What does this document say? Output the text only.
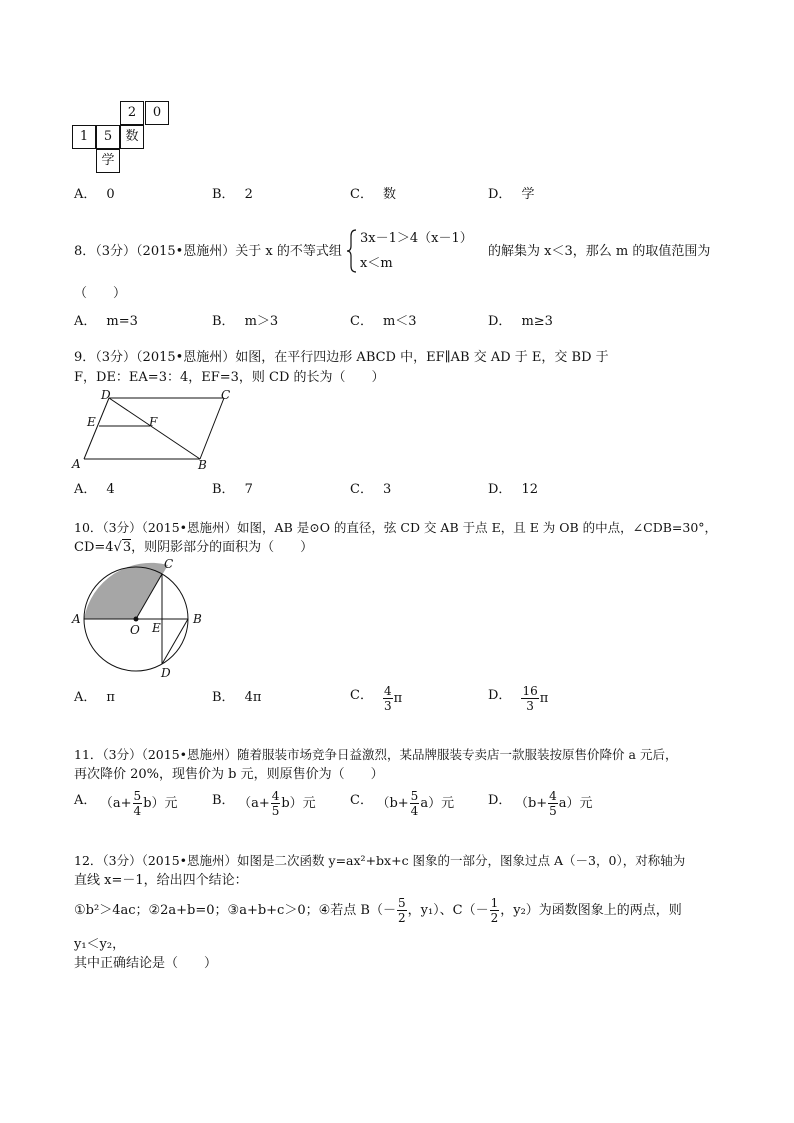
2	0
1	5	数
学
A． 0	B． 2	C． 数	D． 学
8．（3分）（2015•恩施州）关于 x 的不等式组
3x－1＞4（x－1）
x＜m
的解集为 x＜3，那么 m 的取值范围为
（　　）
A． m=3	B． m＞3	C． m＜3	D． m≥3
9．（3分）（2015•恩施州）如图，在平行四边形 ABCD 中，EF∥AB 交 AD 于 E，交 BD 于
F，DE：EA=3：4，EF=3，则 CD 的长为（　　）
D	C
E	F
A	B
A． 4	B． 7	C． 3	D． 12
10．（3分）（2015•恩施州）如图，AB 是⊙O 的直径，弦 CD 交 AB 于点 E，且 E 为 OB 的中点，∠CDB=30°，
CD=4√3，则阴影部分的面积为（　　）
A
O E
B
C
D
A． π	B． 4π	C． $\frac{4}{3}$ π	D． $\frac{16}{3}$ π
11．（3分）（2015•恩施州）随着服装市场竞争日益激烈，某品牌服装专卖店一款服装按原售价降价 a 元后，
再次降价 20%，现售价为 b 元，则原售价为（　　）
A． $(a+ \frac{5}{4} b)$元	B． $(a+ \frac{4}{5} b)$元	C． $(b+ \frac{5}{4} a)$元	D． $(b+ \frac{4}{5} a)$元
12．（3分）（2015•恩施州）如图是二次函数 y=ax²+bx+c 图象的一部分，图象过点 A（－3，0），对称轴为
直线 x=－1，给出四个结论：
①b²＞4ac；②2a+b=0；③a+b+c＞0；④若点 $B(- \frac{5}{2}$ ，y₁）、$C(- \frac{1}{2}$ ，y₂）为函数图象上的两点，则
y₁＜y₂，
其中正确结论是（　　）
